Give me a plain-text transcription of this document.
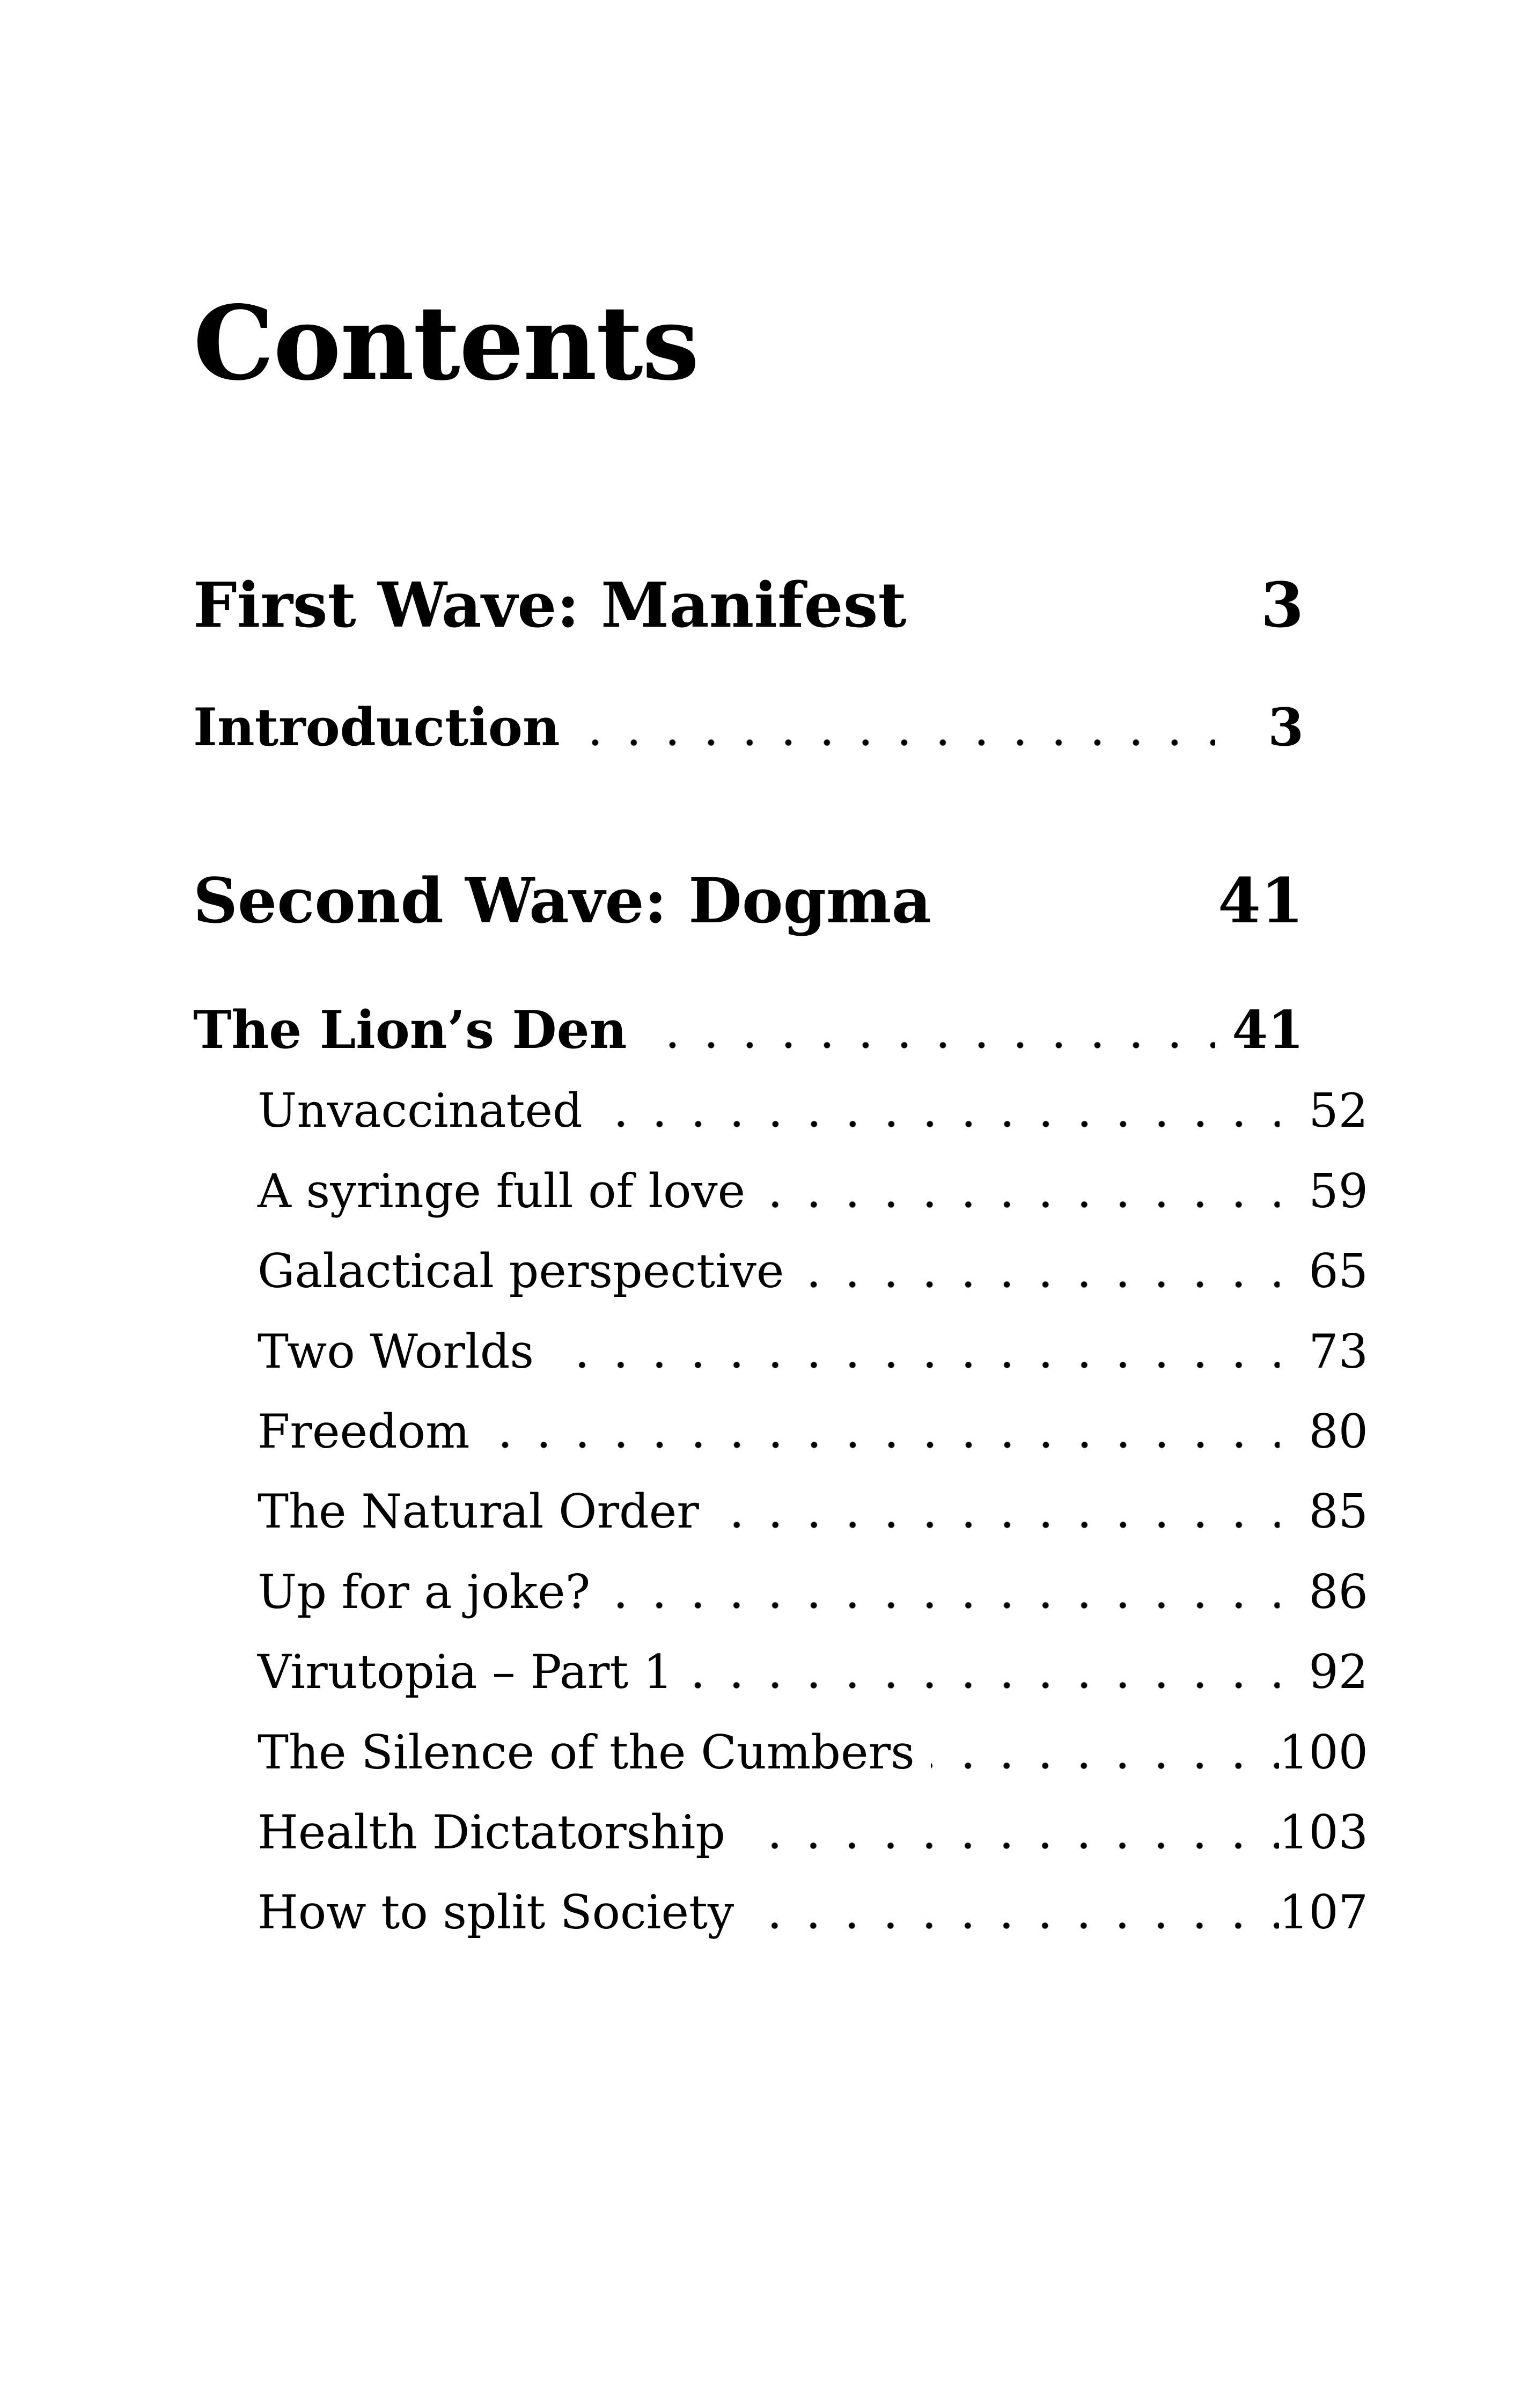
Contents
First Wave: Manifest	3
Introduction	3
Second Wave: Dogma	41
The Lion’s Den	41
Unvaccinated	52
A syringe full of love	59
Galactical perspective	65
Two Worlds	73
Freedom	80
The Natural Order	85
Up for a joke?	86
Virutopia – Part 1	92
The Silence of the Cumbers	100
Health Dictatorship	103
How to split Society	107
